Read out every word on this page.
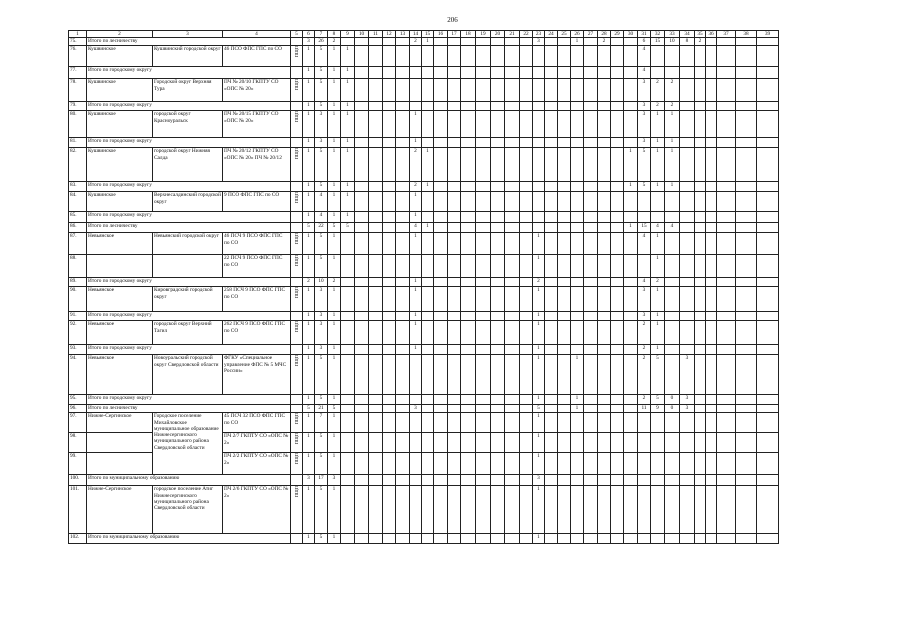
206
1	2	3	4	5	6	7	8	9	10	11	12	13	14	15	16	17	18	19	20	21	22	23	24	25	26	27	28	29	30	31	32	33	34	35	36	37	38	39
75.	Итого по лесничеству				3	26	2						2	1								3			1		2			6	15	10	8	2				
76.	Кушвинское	Кушвинский городской округ	46 ПСО ФПС ГПС по СО	ПЩП	1	5	1	1																						4								
77.	Итого по городскому округу				1	5	1	1																						4								
78.	Кушвинское	Городской округ Верхняя Тура	ПЧ № 20/10 ГКПТУ СО «ОПС № 20»	ПЩП	1	5	1	1																						3	2	2						
79.	Итого по городскому округу				1	5	1	1																						3	2	2						
80.	Кушвинское	городской округ Красноуральск	ПЧ № 20/15 ГКПТУ СО «ОПС № 20»	ПЩП	1	3	1	1					1																	3	1	1						
81.	Итого по городскому округу				1	3	1	1					1																	3	1	1						
82.	Кушвинское	городской округ Нижняя Салда	ПЧ № 20/12 ГКПТУ СО «ОПС № 20» ПЧ № 20/12	ПЩП	1	5	1	1					2	1															1	5	1	1						
83.	Итого по городскому округу				1	5	1	1					2	1															1	5	1	1						
84.	Кушвинское	Верхнесалдинский городской округ	9 ПСО ФПС ГПС по СО	ПЩП	1	4	1	1					1																									
85.	Итого по городскому округу				1	4	1	1					1																									
86.	Итого по лесничеству				5	22	5	5					4	1															1	15	4	4						
87.	Невьянское	Невьянский городской округ	46 ПСЧ 9 ПСО ФПС ГПС по СО	ПЩП	1	5	1						1									1								4	1							
88.			22 ПСЧ 9 ПСО ФПС ГПС по СО	ПЩП	1	5	1															1									1							
89.	Итого по городскому округу				2	10	2						1									2								4	2							
90.	Невьянское	Кировградский городской округ	258 ПСЧ 9 ПСО ФПС ГПС по СО	ПЩП	1	3	1						1									1								3	1							
91.	Итого по городскому округу				1	3	1						1									1								3	1							
92.	Невьянское	городской округ Верхний Тагил	262 ПСЧ 9 ПСО ФПС ГПС по СО	ПЩП	1	3	1						1									1								2	1							
93.	Итого по городскому округу				1	3	1						1									1								2	1							
94.	Невьянское	Новоуральский городской округ Свердловской области	ФГКУ «Специальное управление ФПС № 5 МЧС России»	ПЩП	1	5	1															1			1					2	5		3					
95.	Итого по городскому округу				1	5	1															1			1					2	5	0	3					
96.	Итого по лесничеству				5	21	5						3									5			1					11	9	0	3					
97.	Нижне-Сергинское	Городское поселение Михайловское муниципальное образование Нижнесергинского муниципального района Свердловской области	45 ПСЧ 32 ПСО ФПС ГПС по СО	ПЩП	1	7	1															1																
98.			ПЧ 2/7 ГКПТУ СО «ОПС № 2»	ПЩП	1	5	1															1																
99.			ПЧ 2/2 ГКПТУ СО «ОПС № 2»	ПЩП	1	5	1															1																
100.	Итого по муниципальному образованию				3	17	3															3																
101.	Нижне-Сергинское	городское поселение Атиг Нижнесергинского муниципального района Свердловской области	ПЧ 2/6 ГКПТУ СО «ОПС № 2»	ПЩП	1	5	1															1																
102.	Итого по муниципальному образованию				1	5	1															1																
